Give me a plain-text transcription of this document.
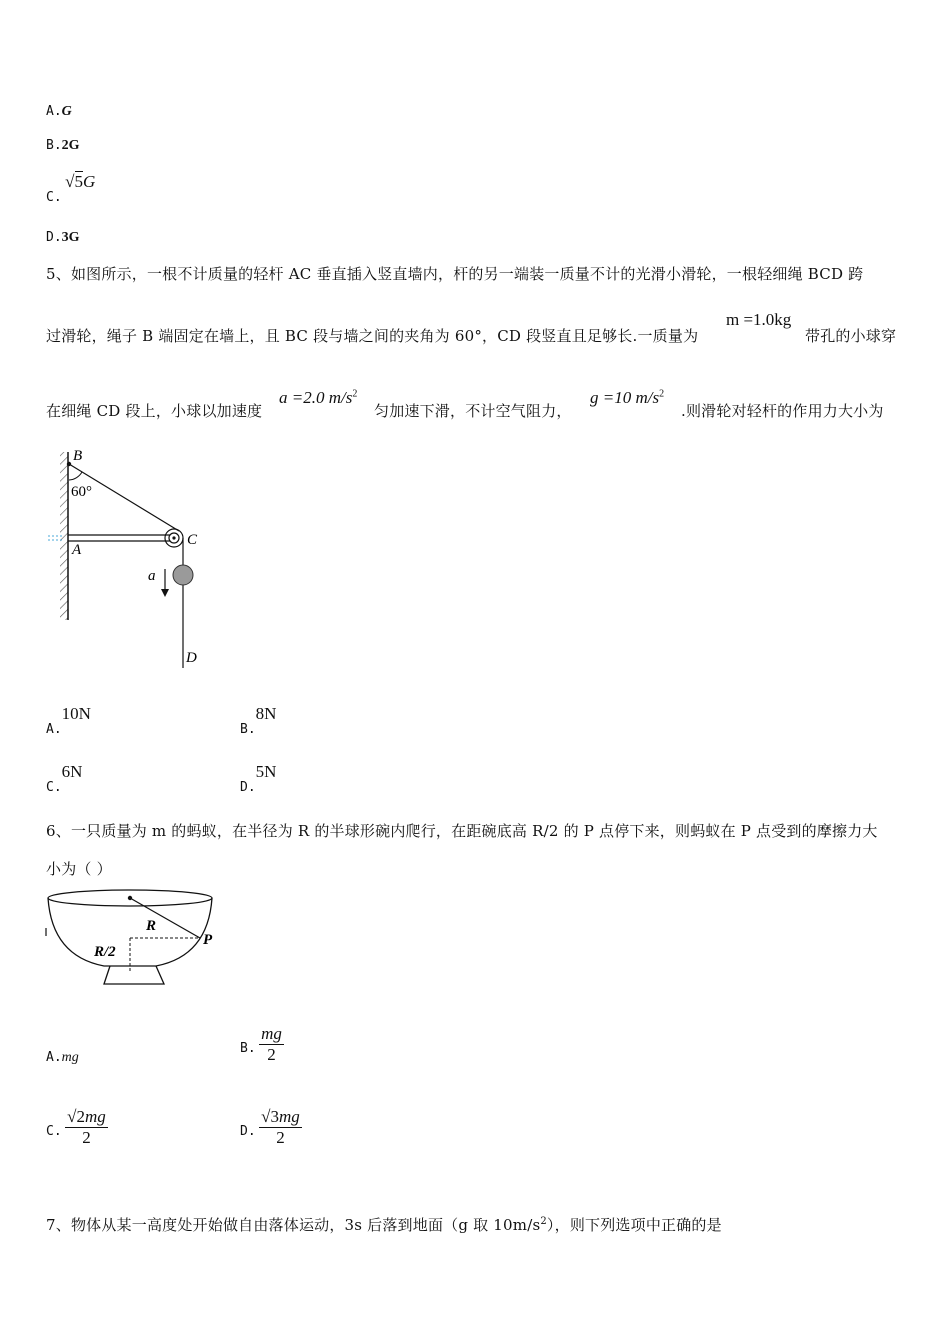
A.G
B.2G
C. √5G
D.3G
5、如图所示，一根不计质量的轻杆 AC 垂直插入竖直墙内，杆的另一端装一质量不计的光滑小滑轮，一根轻细绳 BCD 跨
过滑轮，绳子 B 端固定在墙上，且 BC 段与墙之间的夹角为 60°，CD 段竖直且足够长.一质量为
m =1.0kg
带孔的小球穿
在细绳 CD 段上，小球以加速度
a =2.0 $m/s^2$
匀加速下滑，不计空气阻力，
g =10 $m/s^2$
.则滑轮对轻杆的作用力大小为
B
60°
A
C
a
D
A.10N
B.8N
C.6N
D.5N
6、一只质量为 m 的蚂蚁，在半径为 R 的半球形碗内爬行，在距碗底高 R/2 的 P 点停下来，则蚂蚁在 P 点受到的摩擦力大
小为（ ）
R
R/2
P
A.mg
B. $\frac{mg}{2}$
C. $\frac{√2mg}{2}$	D. $\frac{√3mg}{2}$
7、物体从某一高度处开始做自由落体运动，3s 后落到地面（g 取 $10m/s^2$），则下列选项中正确的是
